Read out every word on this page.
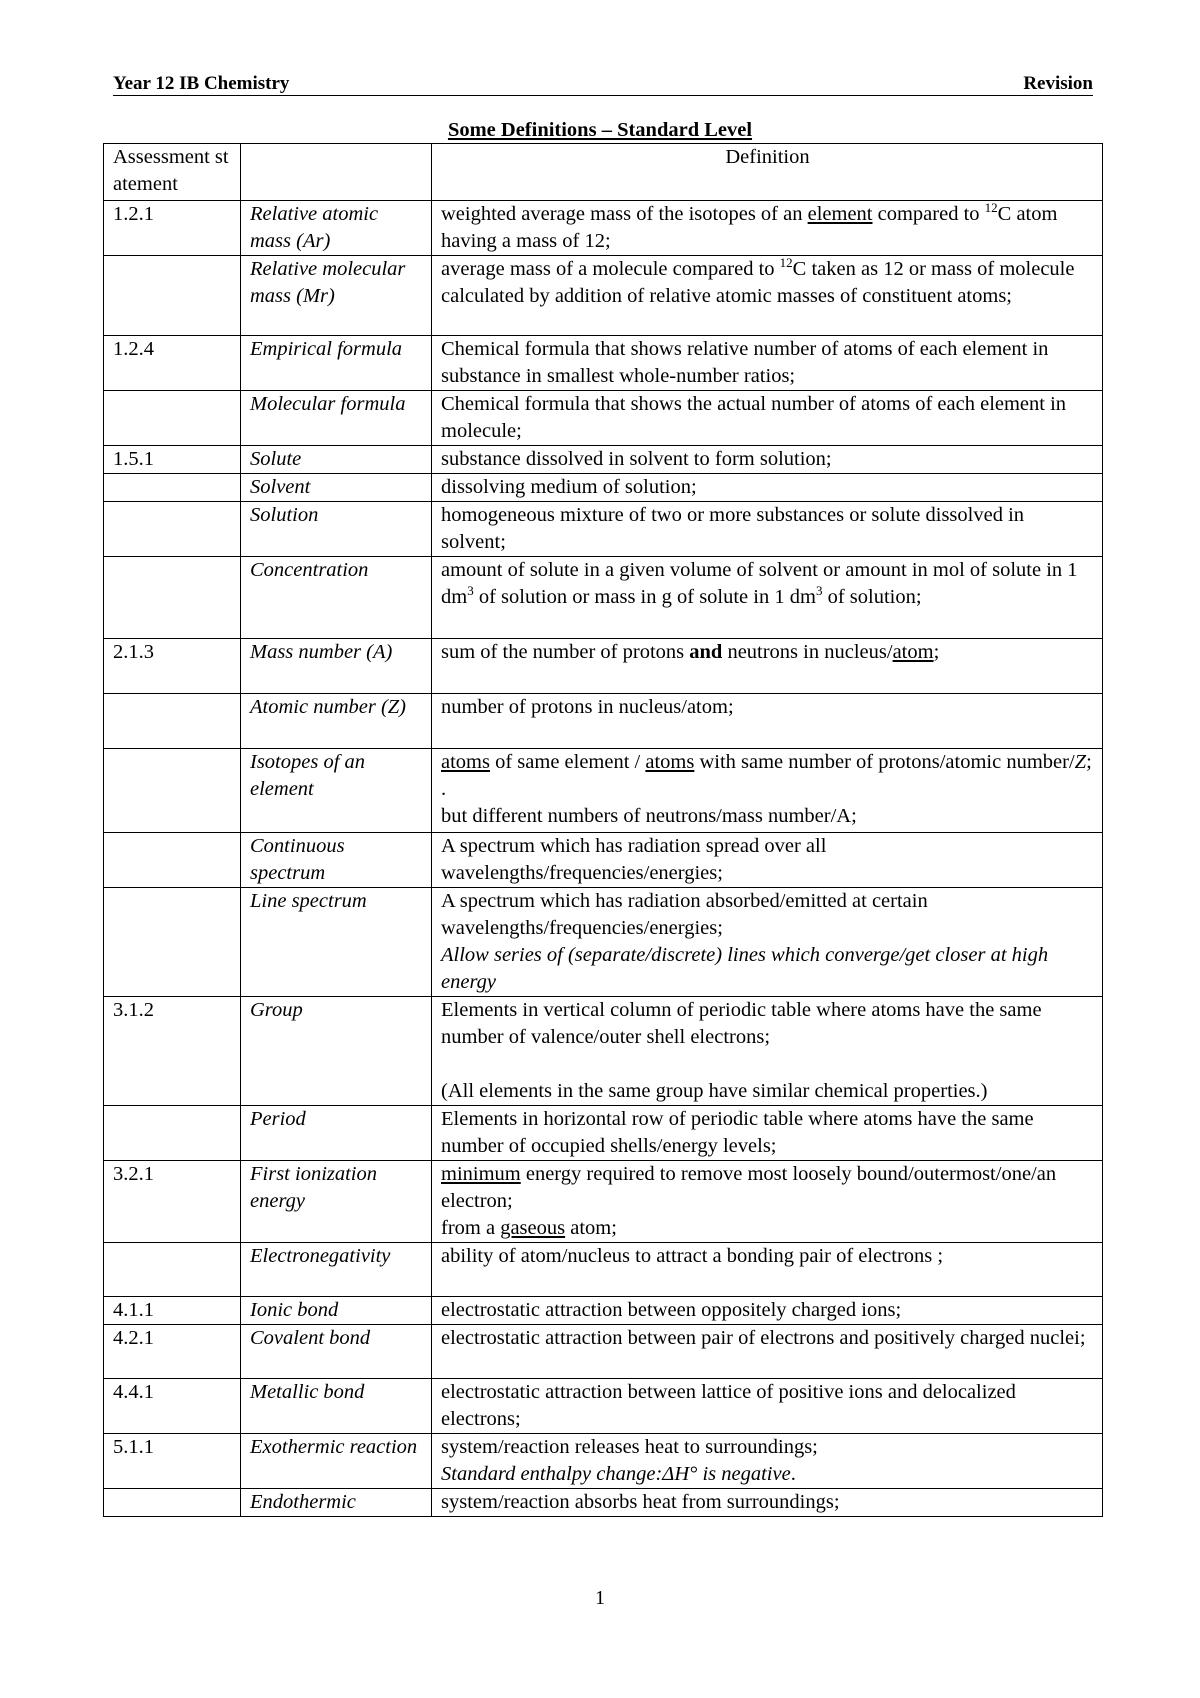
Year 12 IB Chemistry	Revision
Some Definitions – Standard Level
Assessment statement		Definition
1.2.1	Relative atomic mass (Ar)	weighted average mass of the isotopes of an element compared to $^{12}$C atom having a mass of 12;
	Relative molecular mass (Mr)	average mass of a molecule compared to $^{12}$C taken as 12 or mass of molecule calculated by addition of relative atomic masses of constituent atoms;
1.2.4	Empirical formula	Chemical formula that shows relative number of atoms of each element in substance in smallest whole-number ratios;
	Molecular formula	Chemical formula that shows the actual number of atoms of each element in molecule;
1.5.1	Solute	substance dissolved in solvent to form solution;
	Solvent	dissolving medium of solution;
	Solution	homogeneous mixture of two or more substances or solute dissolved in solvent;
	Concentration	amount of solute in a given volume of solvent or amount in mol of solute in 1 $dm^3$ of solution or mass in g of solute in 1 $dm^3$ of solution;
2.1.3	Mass number (A)	sum of the number of protons and neutrons in nucleus/atom;
	Atomic number (Z)	number of protons in nucleus/atom;
	Isotopes of an element	atoms of same element / atoms with same number of protons/atomic number/Z; .
but different numbers of neutrons/mass number/A;

	Continuous spectrum	A spectrum which has radiation spread over all wavelengths/frequencies/energies;
	Line spectrum	A spectrum which has radiation absorbed/emitted at certain wavelengths/frequencies/energies;
Allow series of (separate/discrete) lines which converge/get closer at high energy

3.1.2	Group	Elements in vertical column of periodic table where atoms have the same number of valence/outer shell electrons;

(All elements in the same group have similar chemical properties.)

	Period	Elements in horizontal row of periodic table where atoms have the same number of occupied shells/energy levels;
3.2.1	First ionization energy	minimum energy required to remove most loosely bound/outermost/one/an electron;
from a gaseous atom;

	Electronegativity	ability of atom/nucleus to attract a bonding pair of electrons ;
4.1.1	Ionic bond	electrostatic attraction between oppositely charged ions;
4.2.1	Covalent bond	electrostatic attraction between pair of electrons and positively charged nuclei;
4.4.1	Metallic bond	electrostatic attraction between lattice of positive ions and delocalized electrons;
5.1.1	Exothermic reaction	system/reaction releases heat to surroundings;
Standard enthalpy change:ΔH° is negative.

	Endothermic	system/reaction absorbs heat from surroundings;
1
